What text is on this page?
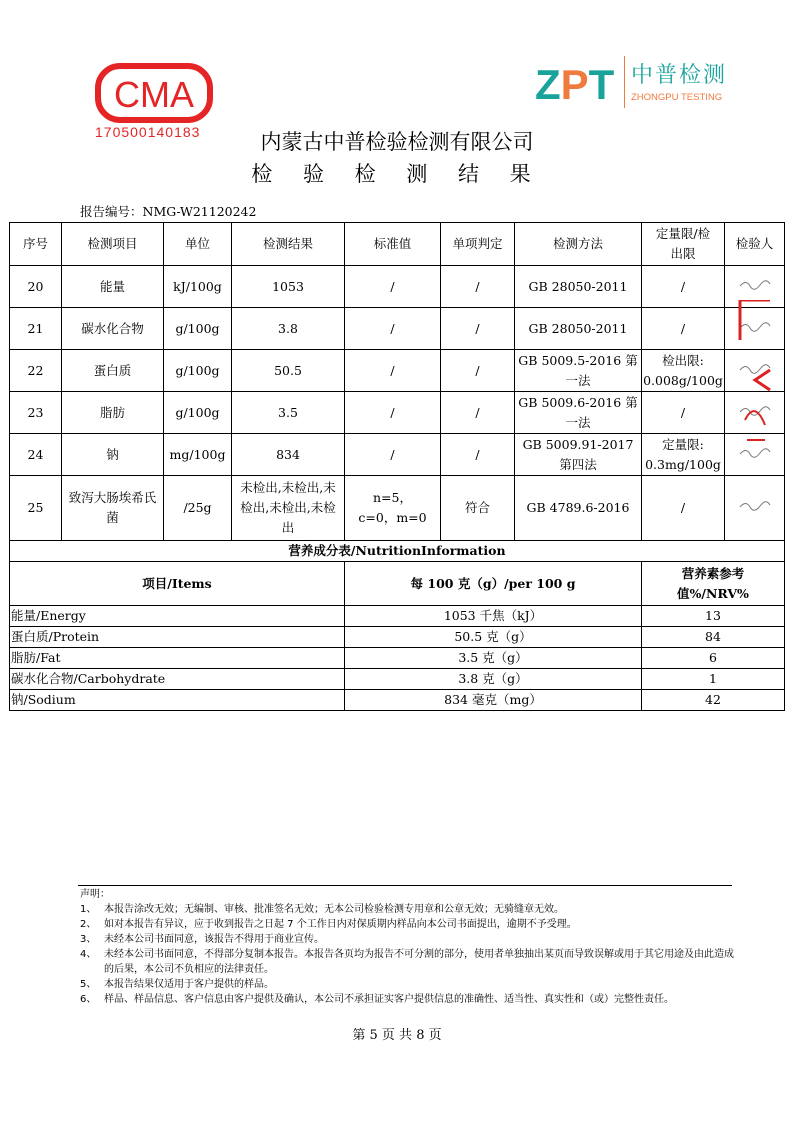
CMA
170500140183
ZPT 中普检测
ZHONGPU TESTING
内蒙古中普检验检测有限公司
检 验 检 测 结 果
报告编号：NMG-W21120242
序号	检测项目	单位	检测结果	标准值	单项判定	检测方法	定量限/检出限	检验人
20	能量	kJ/100g	1053	/	/	GB 28050-2011	/	
21	碳水化合物	g/100g	3.8	/	/	GB 28050-2011	/	
22	蛋白质	g/100g	50.5	/	/	GB 5009.5-2016 第一法	检出限: 0.008g/100g	
23	脂肪	g/100g	3.5	/	/	GB 5009.6-2016 第一法	/	
24	钠	mg/100g	834	/	/	GB 5009.91-2017 第四法	定量限: 0.3mg/100g	
25	致泻大肠埃希氏菌	/25g	未检出,未检出,未检出,未检出,未检出	n=5，c=0，m=0	符合	GB 4789.6-2016	/	
营养成分表/NutritionInformation		
项目/Items	每 100 克（g）/per 100 g	营养素参考值%/NRV%
能量/Energy	1053 千焦（kJ）	13
蛋白质/Protein	50.5 克（g）	84
脂肪/Fat	3.5 克（g）	6
碳水化合物/Carbohydrate	3.8 克（g）	1
钠/Sodium	834 毫克（mg）	42
声明：
1、 本报告涂改无效；无编制、审核、批准签名无效；无本公司检验检测专用章和公章无效；无骑缝章无效。
2、 如对本报告有异议，应于收到报告之日起 7 个工作日内对保质期内样品向本公司书面提出，逾期不予受理。
3、 未经本公司书面同意，该报告不得用于商业宣传。
4、 未经本公司书面同意，不得部分复制本报告。本报告各页均为报告不可分割的部分，使用者单独抽出某页而导致误解或用于其它用途及由此造成的后果，本公司不负相应的法律责任。
5、 本报告结果仅适用于客户提供的样品。
6、 样品、样品信息、客户信息由客户提供及确认，本公司不承担证实客户提供信息的准确性、适当性、真实性和（或）完整性责任。
第 5 页 共 8 页
